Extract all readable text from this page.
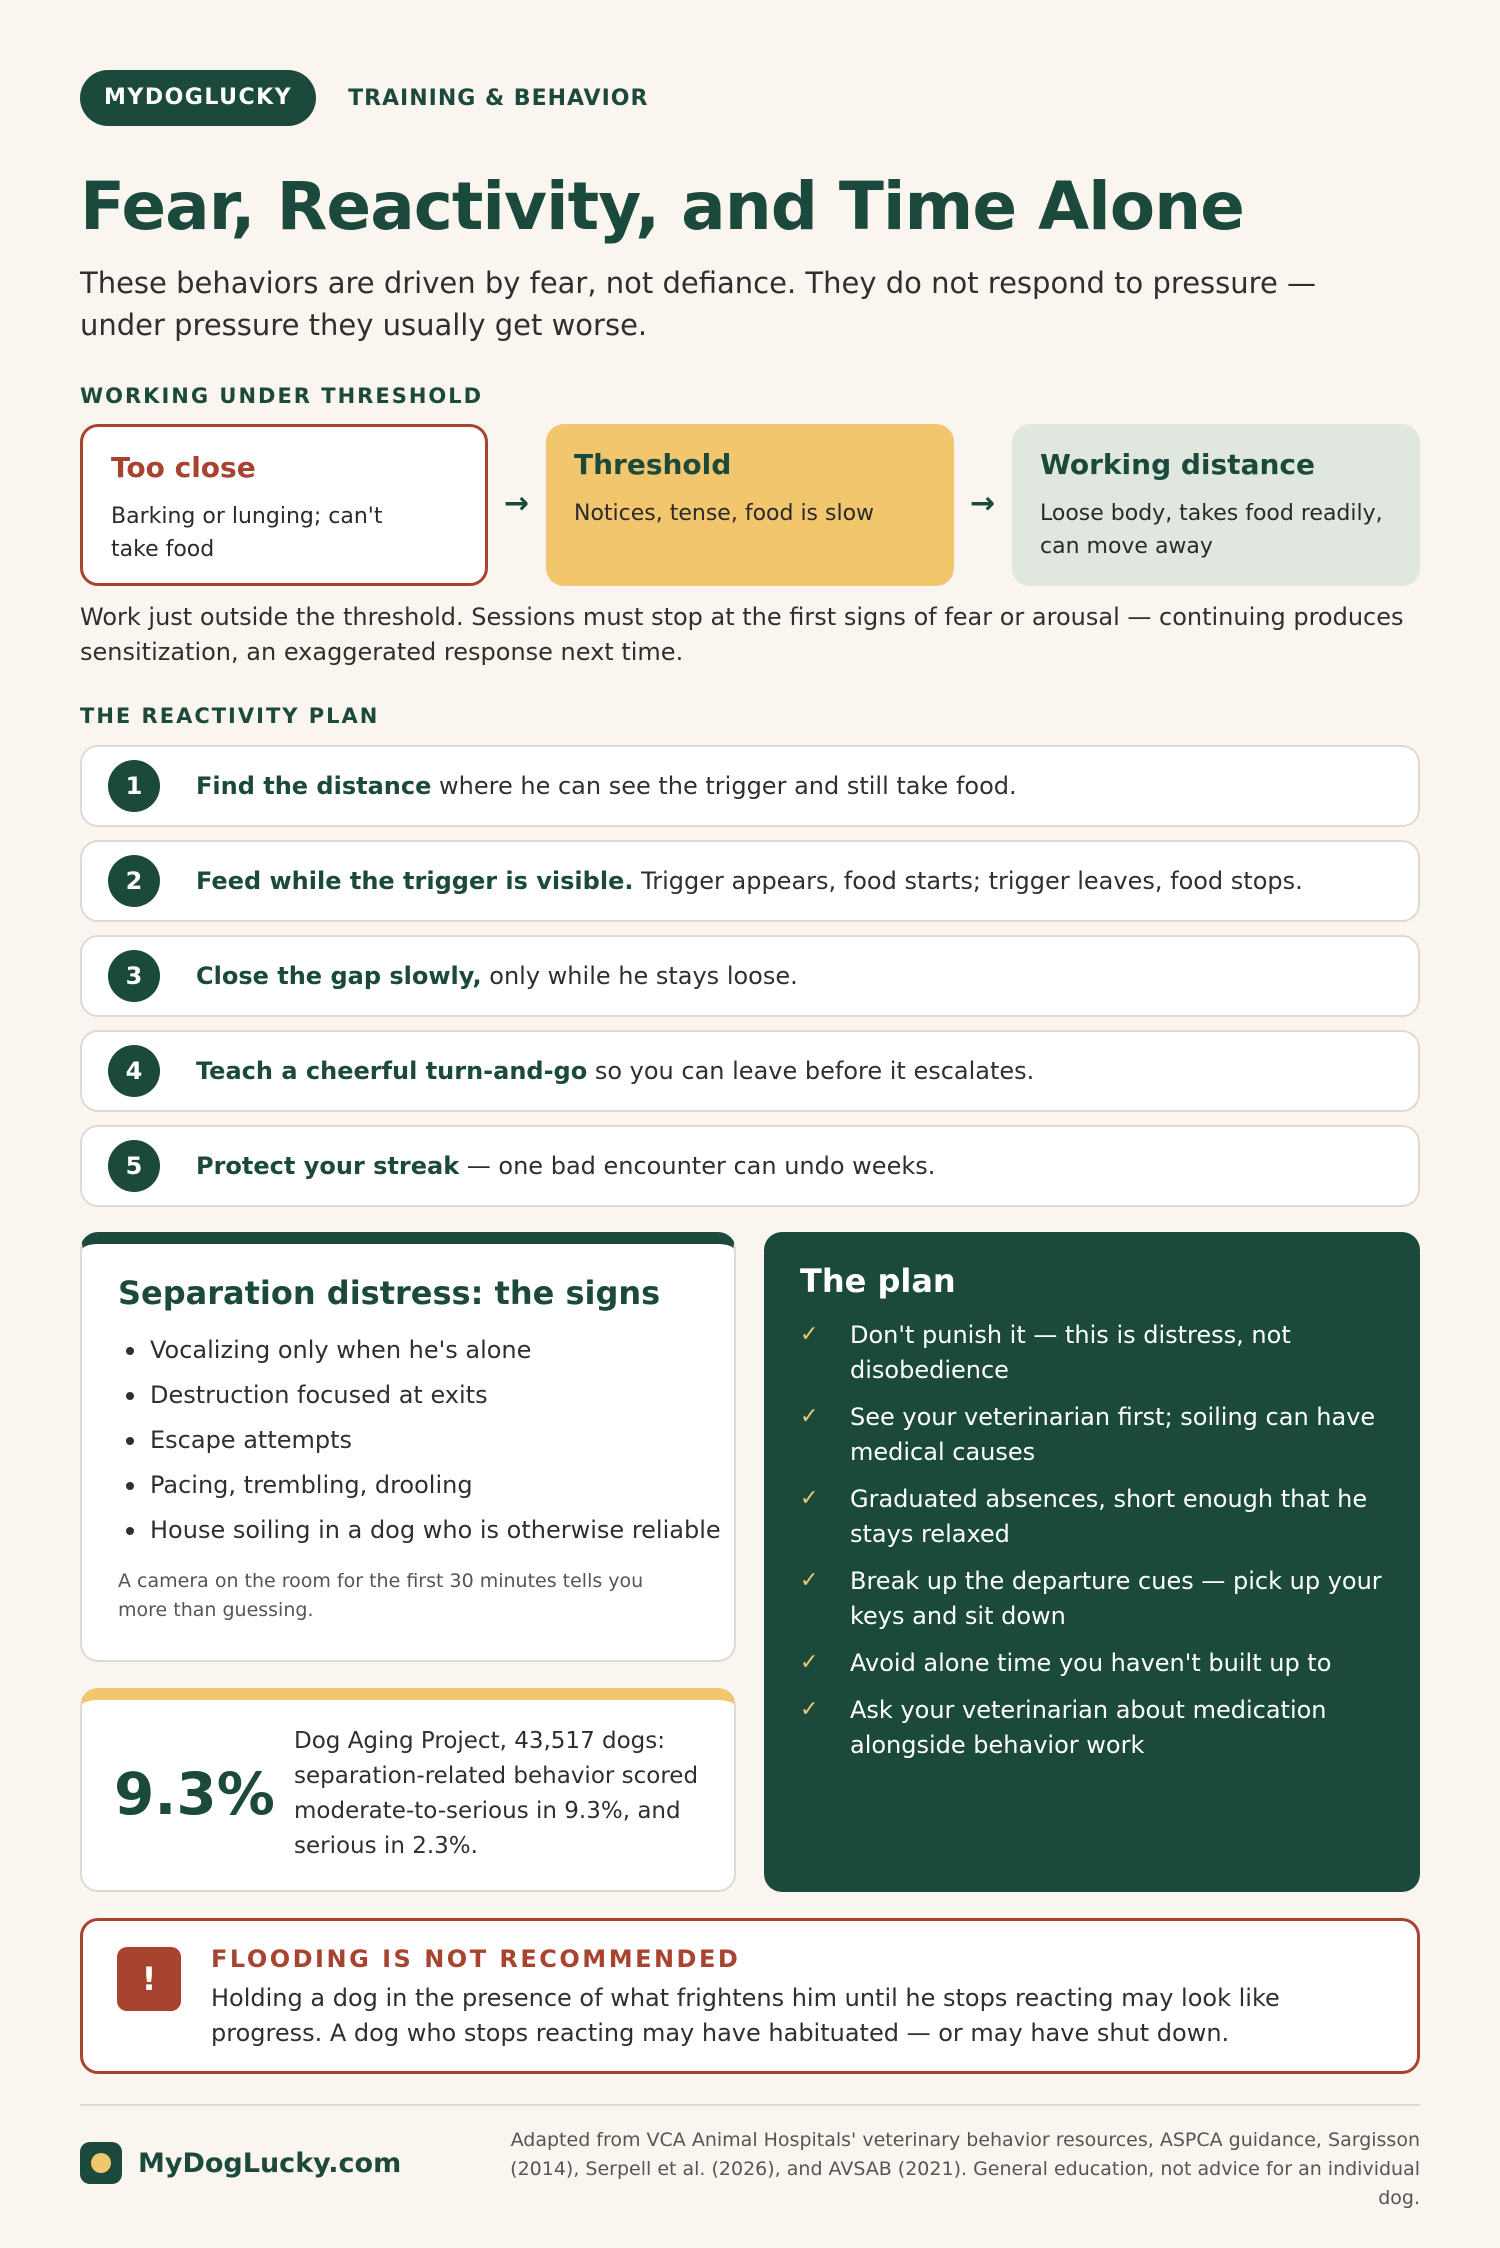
MYDOGLUCKY	TRAINING & BEHAVIOR
Fear, Reactivity, and Time Alone

These behaviors are driven by fear, not defiance. They do not respond to pressure — under pressure they usually get worse.

WORKING UNDER THRESHOLD
Too close

Barking or lunging; can't take food

→
Threshold

Notices, tense, food is slow	→
Working distance

Loose body, takes food readily, can move away

Work just outside the threshold. Sessions must stop at the first signs of fear or arousal — continuing produces sensitization, an exaggerated response next time.

THE REACTIVITY PLAN
1	Find the distance where he can see the trigger and still take food.
2	Feed while the trigger is visible. Trigger appears, food starts; trigger leaves, food stops.
3	Close the gap slowly, only while he stays loose.
4	Teach a cheerful turn-and-go so you can leave before it escalates.
5	Protect your streak — one bad encounter can undo weeks.
Separation distress: the signs
Vocalizing only when he's alone
Destruction focused at exits
Escape attempts
Pacing, trembling, drooling
House soiling in a dog who is otherwise reliable

A camera on the room for the first 30 minutes tells you more than guessing.

9.3%
Dog Aging Project, 43,517 dogs: separation-related behavior scored moderate-to-serious in 9.3%, and serious in 2.3%.
The plan
✓	Don't punish it — this is distress, not disobedience
✓	See your veterinarian first; soiling can have medical causes
✓	Graduated absences, short enough that he stays relaxed
✓	Break up the departure cues — pick up your keys and sit down
✓	Avoid alone time you haven't built up to
✓	Ask your veterinarian about medication alongside behavior work
!
FLOODING IS NOT RECOMMENDED

Holding a dog in the presence of what frightens him until he stops reacting may look like progress. A dog who stops reacting may have habituated — or may have shut down.

MyDogLucky.com

Adapted from VCA Animal Hospitals' veterinary behavior resources, ASPCA guidance, Sargisson (2014), Serpell et al. (2026), and AVSAB (2021). General education, not advice for an individual dog.
